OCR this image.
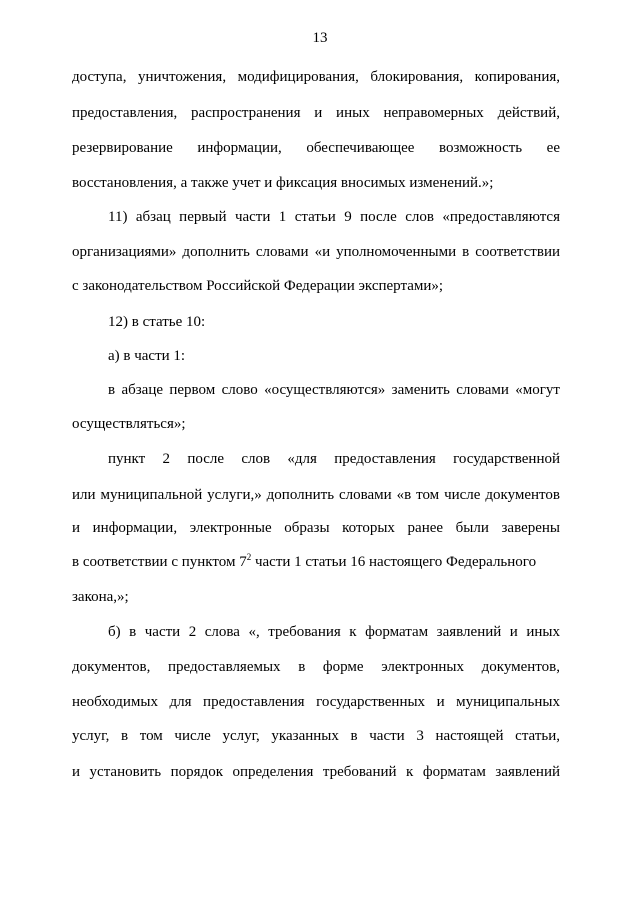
13
доступа, уничтожения, модифицирования, блокирования, копирования,
предоставления, распространения и иных неправомерных действий,
резервирование информации, обеспечивающее возможность ее
восстановления, а также учет и фиксация вносимых изменений.»;
11) абзац первый части 1 статьи 9 после слов «предоставляются
организациями» дополнить словами «и уполномоченными в соответствии
с законодательством Российской Федерации экспертами»;
12) в статье 10:
а) в части 1:
в абзаце первом слово «осуществляются» заменить словами «могут
осуществляться»;
пункт 2 после слов «для предоставления государственной
или муниципальной услуги,» дополнить словами «в том числе документов
и информации, электронные образы которых ранее были заверены
в соответствии с пунктом $7^2$ части 1 статьи 16 настоящего Федерального
закона,»;
б) в части 2 слова «, требования к форматам заявлений и иных
документов, предоставляемых в форме электронных документов,
необходимых для предоставления государственных и муниципальных
услуг, в том числе услуг, указанных в части 3 настоящей статьи,
и установить порядок определения требований к форматам заявлений
